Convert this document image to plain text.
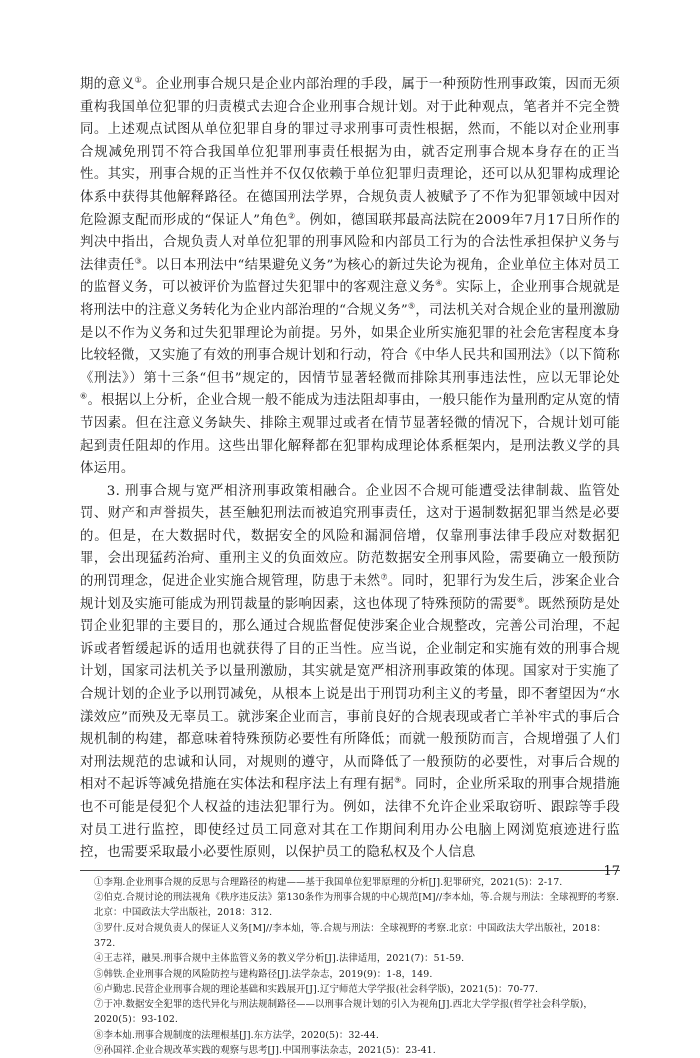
期的意义①。企业刑事合规只是企业内部治理的手段，属于一种预防性刑事政策，因而无须重构我国单位犯罪的归责模式去迎合企业刑事合规计划。对于此种观点，笔者并不完全赞同。上述观点试图从单位犯罪自身的罪过寻求刑事可责性根据，然而，不能以对企业刑事合规减免刑罚不符合我国单位犯罪刑事责任根据为由，就否定刑事合规本身存在的正当性。其实，刑事合规的正当性并不仅仅依赖于单位犯罪归责理论，还可以从犯罪构成理论体系中获得其他解释路径。在德国刑法学界，合规负责人被赋予了不作为犯罪领域中因对危险源支配而形成的“保证人”角色②。例如，德国联邦最高法院在2009年7月17日所作的判决中指出，合规负责人对单位犯罪的刑事风险和内部员工行为的合法性承担保护义务与法律责任③。以日本刑法中“结果避免义务”为核心的新过失论为视角，企业单位主体对员工的监督义务，可以被评价为监督过失犯罪中的客观注意义务④。实际上，企业刑事合规就是将刑法中的注意义务转化为企业内部治理的“合规义务”⑤，司法机关对合规企业的量刑激励是以不作为义务和过失犯罪理论为前提。另外，如果企业所实施犯罪的社会危害程度本身比较轻微，又实施了有效的刑事合规计划和行动，符合《中华人民共和国刑法》（以下简称《刑法》）第十三条“但书”规定的，因情节显著轻微而排除其刑事违法性，应以无罪论处⑥。根据以上分析，企业合规一般不能成为违法阻却事由，一般只能作为量刑酌定从宽的情节因素。但在注意义务缺失、排除主观罪过或者在情节显著轻微的情况下，合规计划可能起到责任阻却的作用。这些出罪化解释都在犯罪构成理论体系框架内，是刑法教义学的具体运用。

3. 刑事合规与宽严相济刑事政策相融合。企业因不合规可能遭受法律制裁、监管处罚、财产和声誉损失，甚至触犯刑法而被追究刑事责任，这对于遏制数据犯罪当然是必要的。但是，在大数据时代，数据安全的风险和漏洞倍增，仅靠刑事法律手段应对数据犯罪，会出现猛药治疴、重刑主义的负面效应。防范数据安全刑事风险，需要确立一般预防的刑罚理念，促进企业实施合规管理，防患于未然⑦。同时，犯罪行为发生后，涉案企业合规计划及实施可能成为刑罚裁量的影响因素，这也体现了特殊预防的需要⑧。既然预防是处罚企业犯罪的主要目的，那么通过合规监督促使涉案企业合规整改，完善公司治理，不起诉或者暂缓起诉的适用也就获得了目的正当性。应当说，企业制定和实施有效的刑事合规计划，国家司法机关予以量刑激励，其实就是宽严相济刑事政策的体现。国家对于实施了合规计划的企业予以刑罚减免，从根本上说是出于刑罚功利主义的考量，即不奢望因为“水漾效应”而殃及无辜员工。就涉案企业而言，事前良好的合规表现或者亡羊补牢式的事后合规机制的构建，都意味着特殊预防必要性有所降低；而就一般预防而言，合规增强了人们对刑法规范的忠诚和认同，对规则的遵守，从而降低了一般预防的必要性，对事后合规的相对不起诉等减免措施在实体法和程序法上有理有据⑨。同时，企业所采取的刑事合规措施也不可能是侵犯个人权益的违法犯罪行为。例如，法律不允许企业采取窃听、跟踪等手段对员工进行监控，即使经过员工同意对其在工作期间利用办公电脑上网浏览痕迹进行监控，也需要采取最小必要性原则，以保护员工的隐私权及个人信息

①李翔.企业刑事合规的反思与合理路径的构建——基于我国单位犯罪原理的分析[J].犯罪研究，2021(5)：2-17.

②伯克.合规讨论的刑法视角《秩序违反法》第130条作为刑事合规的中心规范[M]//李本灿，等.合规与刑法：全球视野的考察.北京：中国政法大学出版社，2018：312.

③罗什.反对合规负责人的保证人义务[M]//李本灿，等.合规与刑法：全球视野的考察.北京：中国政法大学出版社，2018：372.

④王志祥，融昊.刑事合规中主体监管义务的教义学分析[J].法律适用，2021(7)：51-59.

⑤韩铁.企业刑事合规的风险防控与建构路径[J].法学杂志，2019(9)：1-8，149.

⑥卢勤忠.民营企业刑事合规的理论基础和实践展开[J].辽宁师范大学学报(社会科学版)，2021(5)：70-77.

⑦于冲.数据安全犯罪的迭代异化与刑法规制路径——以刑事合规计划的引入为视角[J].西北大学学报(哲学社会科学版)，2020(5)：93-102.

⑧李本灿.刑事合规制度的法理根基[J].东方法学，2020(5)：32-44.

⑨孙国祥.企业合规改革实践的观察与思考[J].中国刑事法杂志，2021(5)：23-41.

17
